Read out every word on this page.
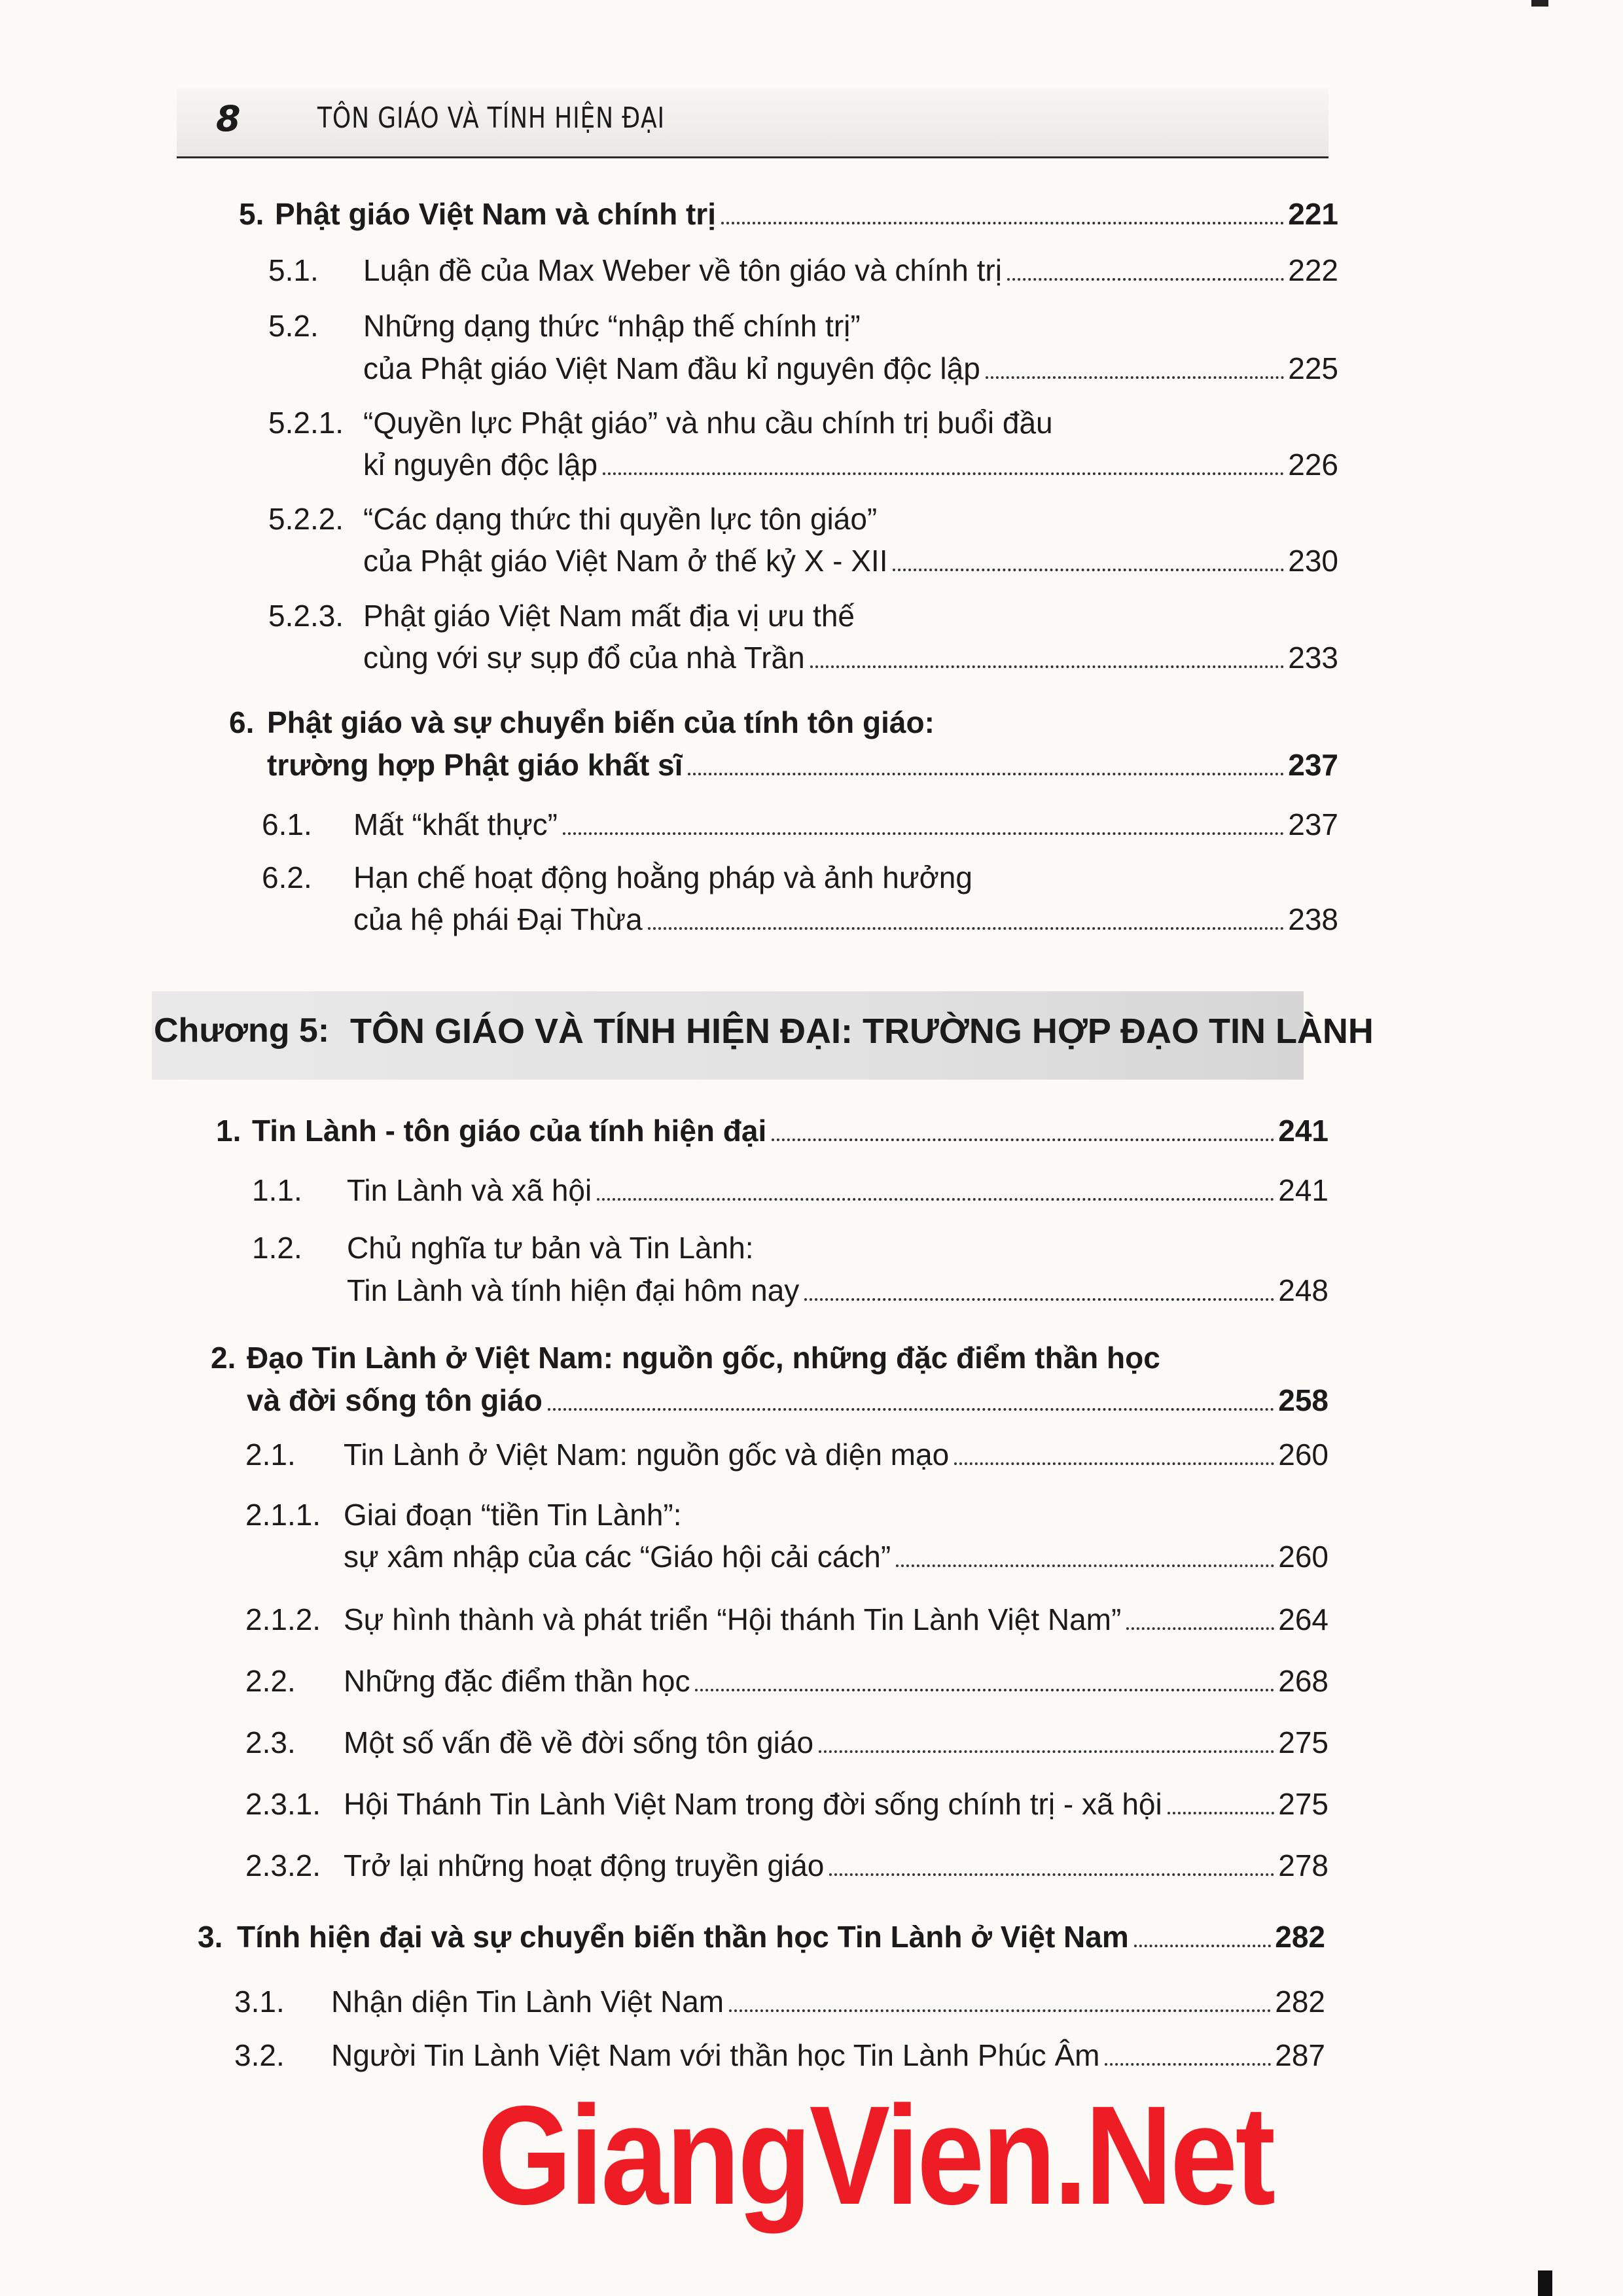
8	TÔN GIÁO VÀ TÍNH HIỆN ĐẠI
5. Phật giáo Việt Nam và chính trị	221
5.1.	Luận đề của Max Weber về tôn giáo và chính trị	222
5.2.	Những dạng thức “nhập thế chính trị”
của Phật giáo Việt Nam đầu kỉ nguyên độc lập	225
5.2.1. “Quyền lực Phật giáo” và nhu cầu chính trị buổi đầu
kỉ nguyên độc lập	226
5.2.2. “Các dạng thức thi quyền lực tôn giáo”
của Phật giáo Việt Nam ở thế kỷ X - XII	230
5.2.3. Phật giáo Việt Nam mất địa vị ưu thế
cùng với sự sụp đổ của nhà Trần	233
6. Phật giáo và sự chuyển biến của tính tôn giáo:
trường hợp Phật giáo khất sĩ	237
6.1.	Mất “khất thực”	237
6.2.	Hạn chế hoạt động hoằng pháp và ảnh hưởng
của hệ phái Đại Thừa	238
Chương 5: TÔN GIÁO VÀ TÍNH HIỆN ĐẠI: TRƯỜNG HỢP ĐẠO TIN LÀNH
1. Tin Lành - tôn giáo của tính hiện đại	241
1.1.	Tin Lành và xã hội	241
1.2.	Chủ nghĩa tư bản và Tin Lành:
Tin Lành và tính hiện đại hôm nay	248
2. Đạo Tin Lành ở Việt Nam: nguồn gốc, những đặc điểm thần học
và đời sống tôn giáo	258
2.1.	Tin Lành ở Việt Nam: nguồn gốc và diện mạo	260
2.1.1. Giai đoạn “tiền Tin Lành”:
sự xâm nhập của các “Giáo hội cải cách”	260
2.1.2. Sự hình thành và phát triển “Hội thánh Tin Lành Việt Nam”	264
2.2.	Những đặc điểm thần học	268
2.3.	Một số vấn đề về đời sống tôn giáo	275
2.3.1. Hội Thánh Tin Lành Việt Nam trong đời sống chính trị - xã hội	275
2.3.2. Trở lại những hoạt động truyền giáo	278
3. Tính hiện đại và sự chuyển biến thần học Tin Lành ở Việt Nam	282
3.1.	Nhận diện Tin Lành Việt Nam	282
3.2.	Người Tin Lành Việt Nam với thần học Tin Lành Phúc Âm	287
GiangVien.Net
